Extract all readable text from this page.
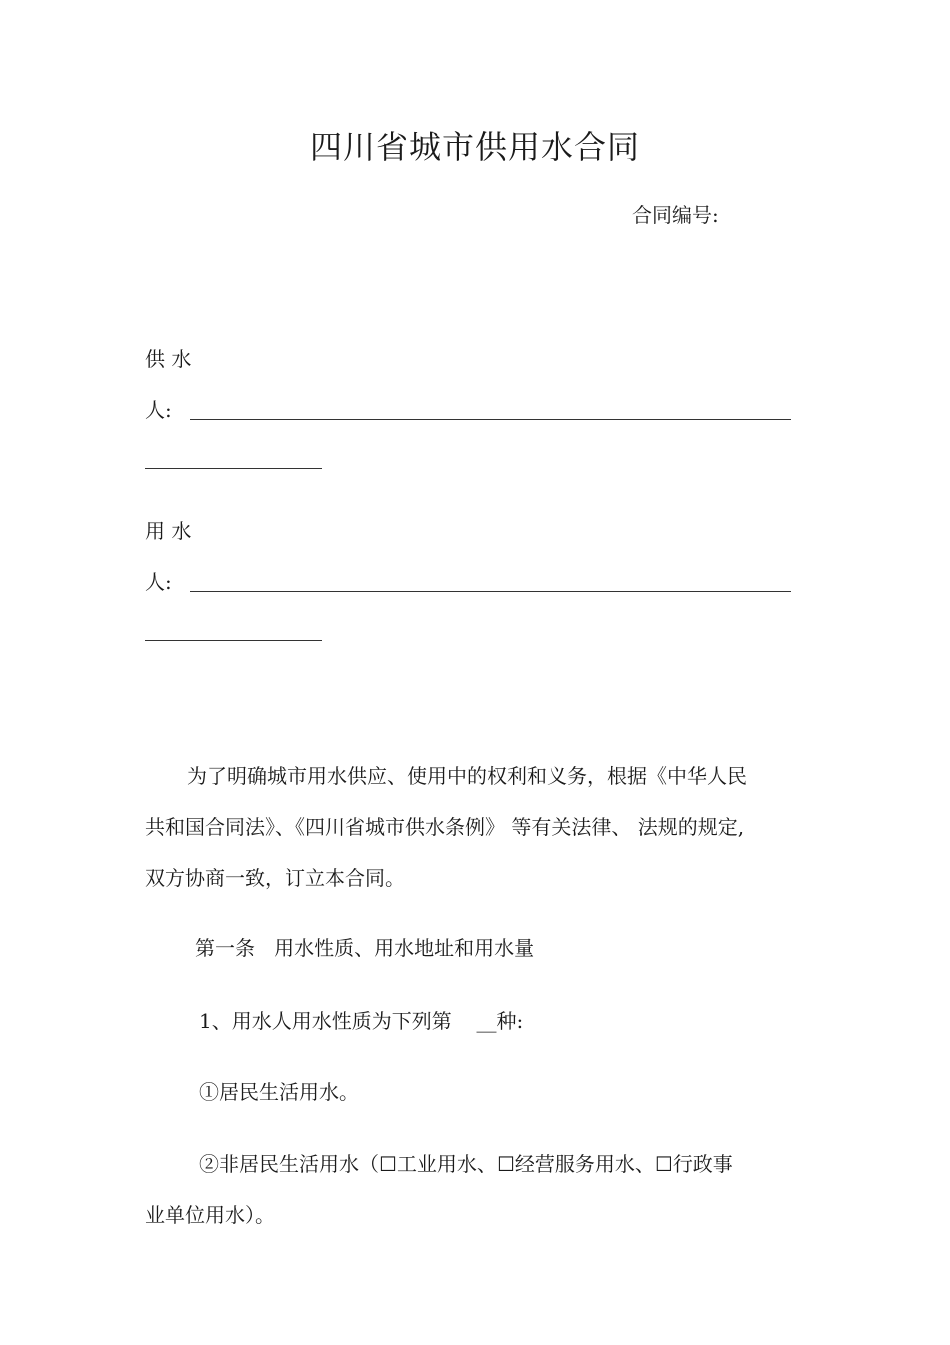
四川省城市供用水合同
合同编号:
供 水
人:
用 水
人:
为了明确城市用水供应、使用中的权利和义务，根据《中华人民
共和国合同法》、《四川省城市供水条例》 等有关法律、 法规的规定,
双方协商一致，订立本合同。
第一条   用水性质、用水地址和用水量
1、用水人用水性质为下列第 __种:
①居民生活用水。
②非居民生活用水（☐工业用水、☐经营服务用水、☐行政事
业单位用水）。
